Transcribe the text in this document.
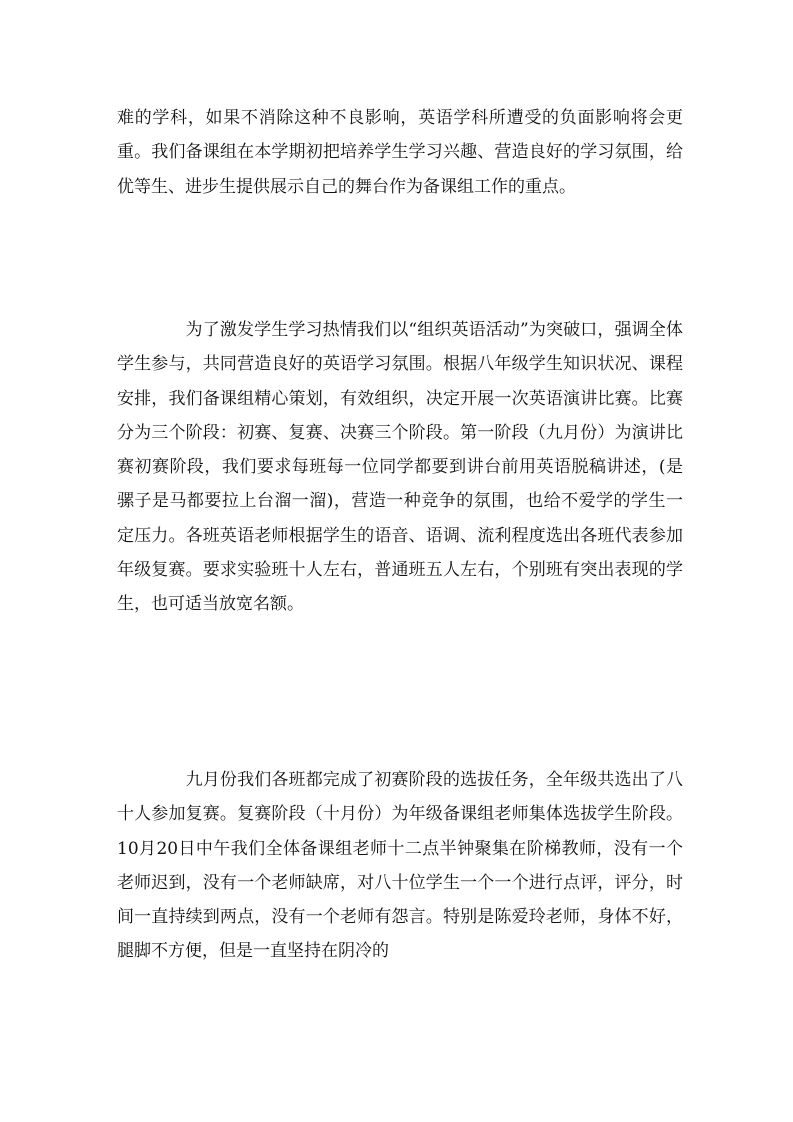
难的学科，如果不消除这种不良影响，英语学科所遭受的负面影响将会更重。我们备课组在本学期初把培养学生学习兴趣、营造良好的学习氛围，给优等生、进步生提供展示自己的舞台作为备课组工作的重点。

　　　　为了激发学生学习热情我们以“组织英语活动”为突破口，强调全体学生参与，共同营造良好的英语学习氛围。根据八年级学生知识状况、课程安排，我们备课组精心策划，有效组织，决定开展一次英语演讲比赛。比赛分为三个阶段：初赛、复赛、决赛三个阶段。第一阶段（九月份）为演讲比赛初赛阶段，我们要求每班每一位同学都要到讲台前用英语脱稿讲述，(是骡子是马都要拉上台溜一溜)，营造一种竞争的氛围，也给不爱学的学生一定压力。各班英语老师根据学生的语音、语调、流利程度选出各班代表参加年级复赛。要求实验班十人左右，普通班五人左右，个别班有突出表现的学生，也可适当放宽名额。

　　　　九月份我们各班都完成了初赛阶段的选拔任务，全年级共选出了八十人参加复赛。复赛阶段（十月份）为年级备课组老师集体选拔学生阶段。10月20日中午我们全体备课组老师十二点半钟聚集在阶梯教师，没有一个老师迟到，没有一个老师缺席，对八十位学生一个一个进行点评，评分，时间一直持续到两点，没有一个老师有怨言。特别是陈爱玲老师，身体不好，腿脚不方便，但是一直坚持在阴冷的
